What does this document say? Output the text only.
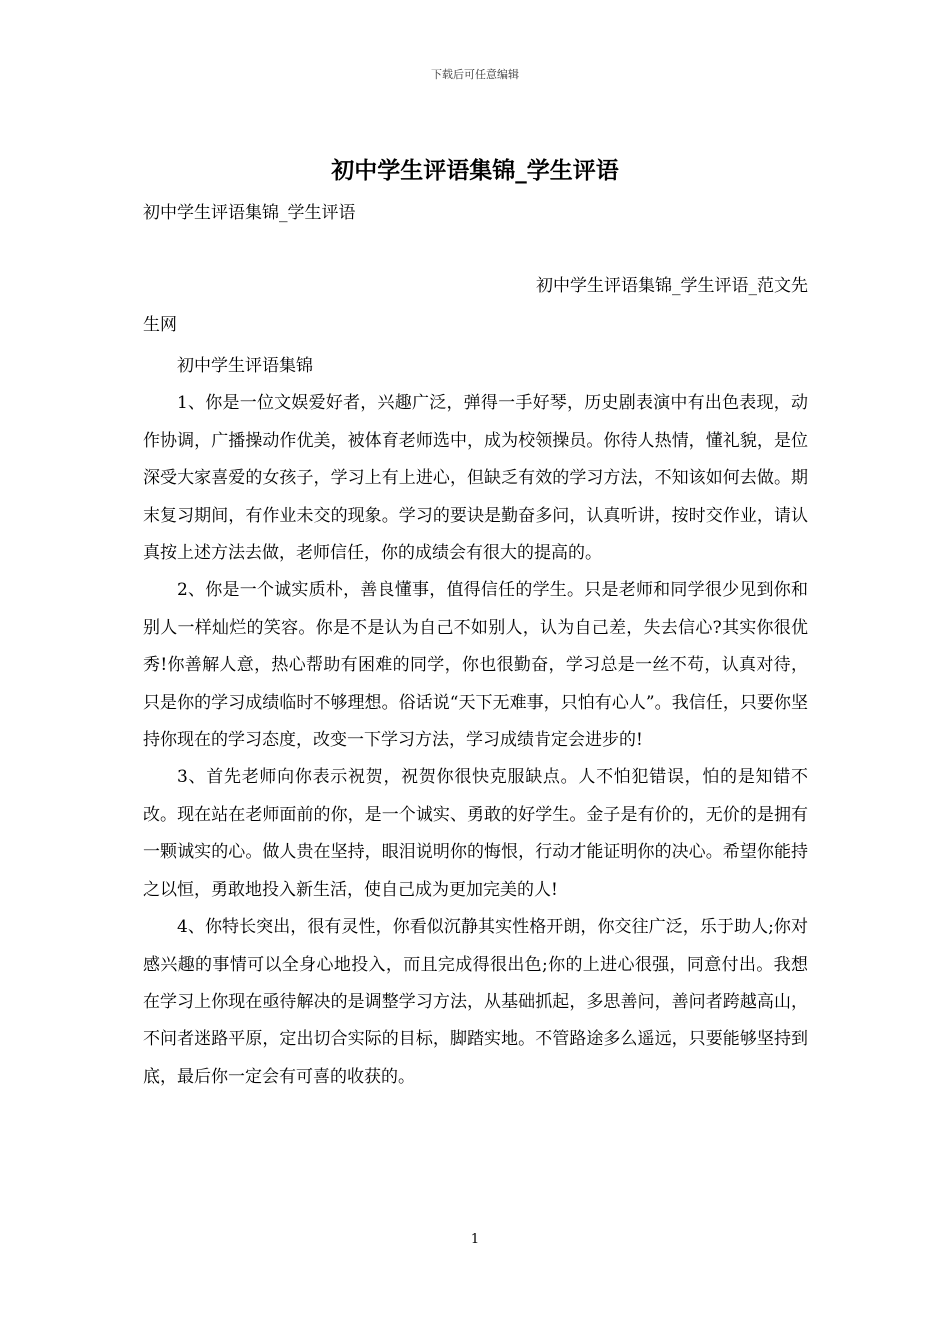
下载后可任意编辑
初中学生评语集锦_学生评语
初中学生评语集锦_学生评语
初中学生评语集锦_学生评语_范文先
生网

初中学生评语集锦

1、你是一位文娱爱好者，兴趣广泛，弹得一手好琴，历史剧表演中有出色表现，动作协调，广播操动作优美，被体育老师选中，成为校领操员。你待人热情，懂礼貌，是位深受大家喜爱的女孩子，学习上有上进心，但缺乏有效的学习方法，不知该如何去做。期末复习期间，有作业未交的现象。学习的要诀是勤奋多问，认真听讲，按时交作业，请认真按上述方法去做，老师信任，你的成绩会有很大的提高的。

2、你是一个诚实质朴，善良懂事，值得信任的学生。只是老师和同学很少见到你和别人一样灿烂的笑容。你是不是认为自己不如别人，认为自己差，失去信心?其实你很优秀!你善解人意，热心帮助有困难的同学，你也很勤奋，学习总是一丝不苟，认真对待，只是你的学习成绩临时不够理想。俗话说“天下无难事，只怕有心人”。我信任，只要你坚持你现在的学习态度，改变一下学习方法，学习成绩肯定会进步的!

3、首先老师向你表示祝贺，祝贺你很快克服缺点。人不怕犯错误，怕的是知错不改。现在站在老师面前的你，是一个诚实、勇敢的好学生。金子是有价的，无价的是拥有一颗诚实的心。做人贵在坚持，眼泪说明你的悔恨，行动才能证明你的决心。希望你能持之以恒，勇敢地投入新生活，使自己成为更加完美的人!

4、你特长突出，很有灵性，你看似沉静其实性格开朗，你交往广泛，乐于助人;你对感兴趣的事情可以全身心地投入，而且完成得很出色;你的上进心很强，同意付出。我想在学习上你现在亟待解决的是调整学习方法，从基础抓起，多思善问，善问者跨越高山，不问者迷路平原，定出切合实际的目标，脚踏实地。不管路途多么遥远，只要能够坚持到底，最后你一定会有可喜的收获的。

1
